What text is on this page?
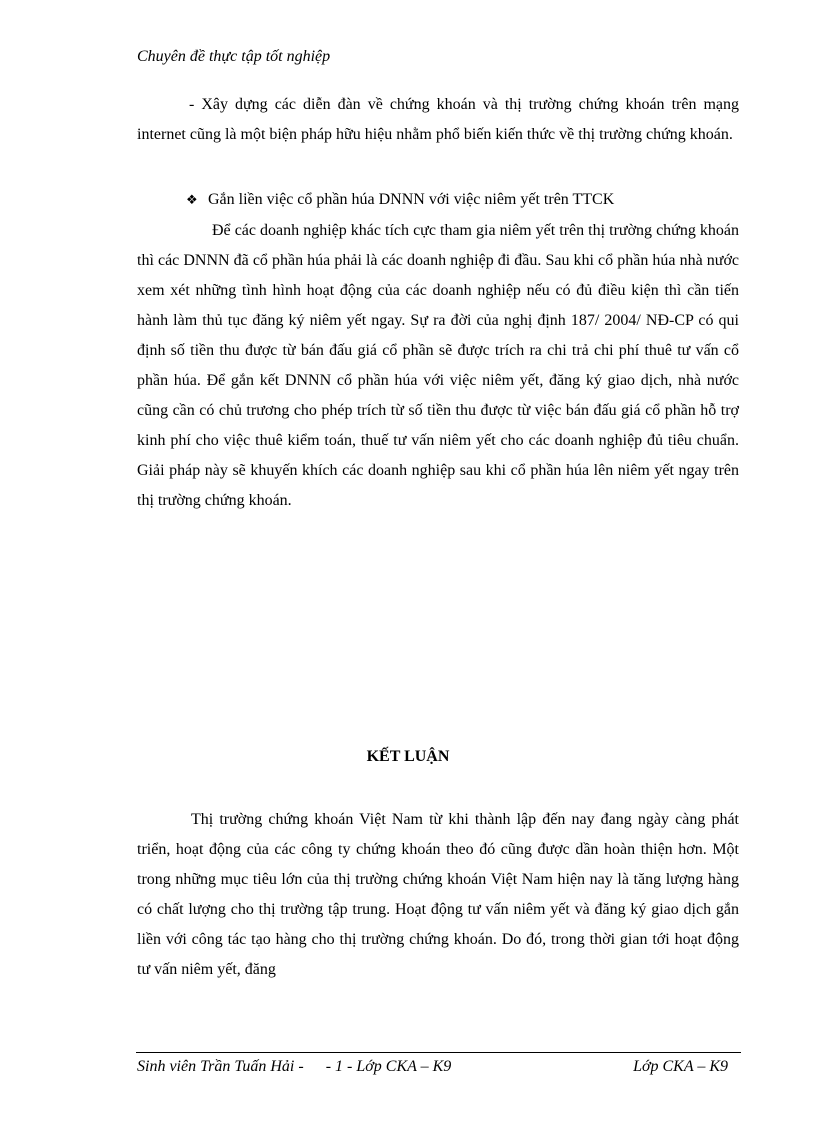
Chuyên đề thực tập tốt nghiệp

- Xây dựng các diễn đàn về chứng khoán và thị trường chứng khoán trên mạng internet cũng là một biện pháp hữu hiệu nhằm phổ biến kiến thức về thị trường chứng khoán.

❖ Gắn liền việc cổ phần húa DNNN với việc niêm yết trên TTCK

Để các doanh nghiệp khác tích cực tham gia niêm yết trên thị trường chứng khoán thì các DNNN đã cổ phần húa phải là các doanh nghiệp đi đầu. Sau khi cổ phần húa nhà nước xem xét những tình hình hoạt động của các doanh nghiệp nếu có đủ điều kiện thì cần tiến hành làm thủ tục đăng ký niêm yết ngay. Sự ra đời của nghị định 187/ 2004/ NĐ-CP có qui định số tiền thu được từ bán đấu giá cổ phần sẽ được trích ra chi trả chi phí thuê tư vấn cổ phần húa. Để gắn kết DNNN cổ phần húa với việc niêm yết, đăng ký giao dịch, nhà nước cũng cần có chủ trương cho phép trích từ số tiền thu được từ việc bán đấu giá cổ phần hỗ trợ kinh phí cho việc thuê kiểm toán, thuế tư vấn niêm yết cho các doanh nghiệp đủ tiêu chuẩn. Giải pháp này sẽ khuyến khích các doanh nghiệp sau khi cổ phần húa lên niêm yết ngay trên thị trường chứng khoán.

KẾT LUẬN

Thị trường chứng khoán Việt Nam từ khi thành lập đến nay đang ngày càng phát triển, hoạt động của các công ty chứng khoán theo đó cũng được dần hoàn thiện hơn. Một trong những mục tiêu lớn của thị trường chứng khoán Việt Nam hiện nay là tăng lượng hàng có chất lượng cho thị trường tập trung. Hoạt động tư vấn niêm yết và đăng ký giao dịch gắn liền với công tác tạo hàng cho thị trường chứng khoán. Do đó, trong thời gian tới hoạt động tư vấn niêm yết, đăng

Sinh viên Trần Tuấn Hải - - 1 - Lớp CKA – K9	Lớp CKA – K9
